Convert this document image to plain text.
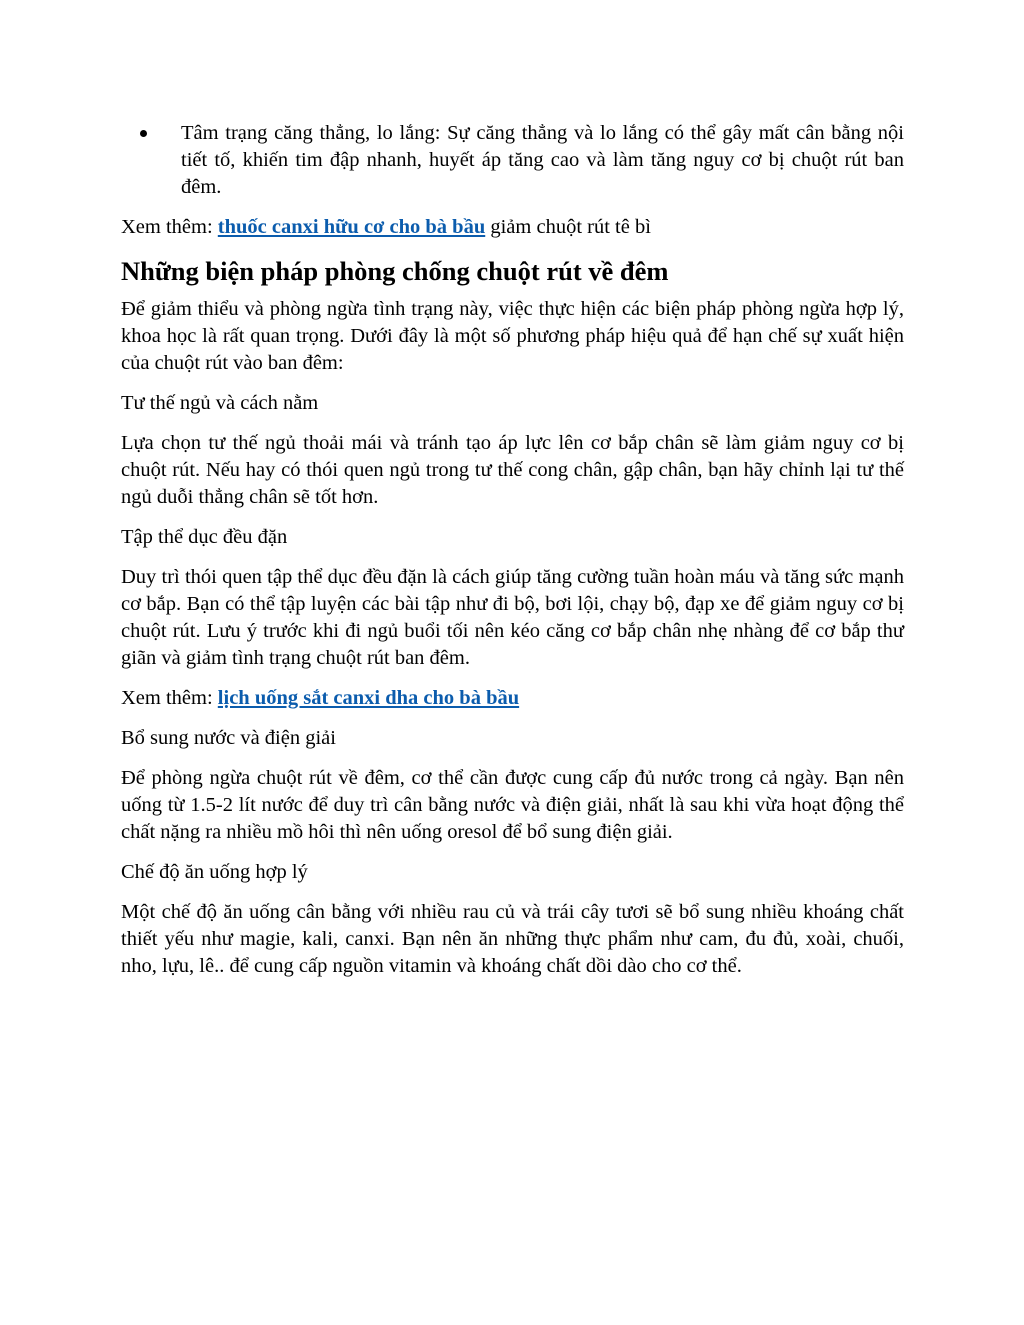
Tâm trạng căng thẳng, lo lắng: Sự căng thẳng và lo lắng có thể gây mất cân bằng nội tiết tố, khiến tim đập nhanh, huyết áp tăng cao và làm tăng nguy cơ bị chuột rút ban đêm.

Xem thêm: thuốc canxi hữu cơ cho bà bầu giảm chuột rút tê bì

Những biện pháp phòng chống chuột rút về đêm

Để giảm thiểu và phòng ngừa tình trạng này, việc thực hiện các biện pháp phòng ngừa hợp lý, khoa học là rất quan trọng. Dưới đây là một số phương pháp hiệu quả để hạn chế sự xuất hiện của chuột rút vào ban đêm:

Tư thế ngủ và cách nằm

Lựa chọn tư thế ngủ thoải mái và tránh tạo áp lực lên cơ bắp chân sẽ làm giảm nguy cơ bị chuột rút. Nếu hay có thói quen ngủ trong tư thế cong chân, gập chân, bạn hãy chỉnh lại tư thế ngủ duỗi thẳng chân sẽ tốt hơn.

Tập thể dục đều đặn

Duy trì thói quen tập thể dục đều đặn là cách giúp tăng cường tuần hoàn máu và tăng sức mạnh cơ bắp. Bạn có thể tập luyện các bài tập như đi bộ, bơi lội, chạy bộ, đạp xe để giảm nguy cơ bị chuột rút. Lưu ý trước khi đi ngủ buổi tối nên kéo căng cơ bắp chân nhẹ nhàng để cơ bắp thư giãn và giảm tình trạng chuột rút ban đêm.

Xem thêm: lịch uống sắt canxi dha cho bà bầu

Bổ sung nước và điện giải

Để phòng ngừa chuột rút về đêm, cơ thể cần được cung cấp đủ nước trong cả ngày. Bạn nên uống từ 1.5-2 lít nước để duy trì cân bằng nước và điện giải, nhất là sau khi vừa hoạt động thể chất nặng ra nhiều mồ hôi thì nên uống oresol để bổ sung điện giải.

Chế độ ăn uống hợp lý

Một chế độ ăn uống cân bằng với nhiều rau củ và trái cây tươi sẽ bổ sung nhiều khoáng chất thiết yếu như magie, kali, canxi. Bạn nên ăn những thực phẩm như cam, đu đủ, xoài, chuối, nho, lựu, lê.. để cung cấp nguồn vitamin và khoáng chất dồi dào cho cơ thể.
